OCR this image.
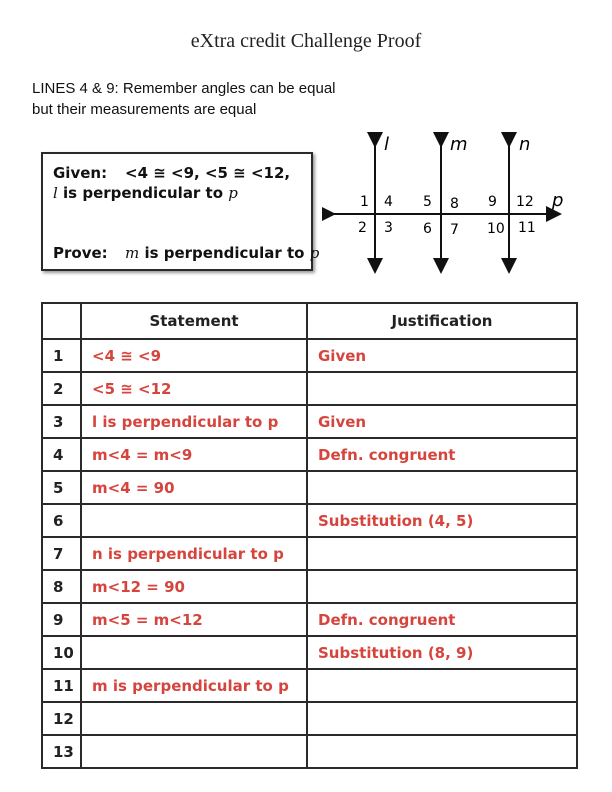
eXtra credit Challenge Proof
LINES 4 & 9: Remember angles can be equal
but their measurements are equal
Given: <4 ≅ <9, <5 ≅ <12,
l is perpendicular to p
Prove: m is perpendicular to p
l	m	n
p
1
2 3
4 5
6 7
8 9
10 11
12
	Statement	Justification
1	<4 ≅ <9	Given
2	<5 ≅ <12	
3	l is perpendicular to p	Given
4	m<4 = m<9	Defn. congruent
5	m<4 = 90	
6		Substitution (4, 5)
7	n is perpendicular to p	
8	m<12 = 90	
9	m<5 = m<12	Defn. congruent
10		Substitution (8, 9)
11	m is perpendicular to p	
12		
13		
